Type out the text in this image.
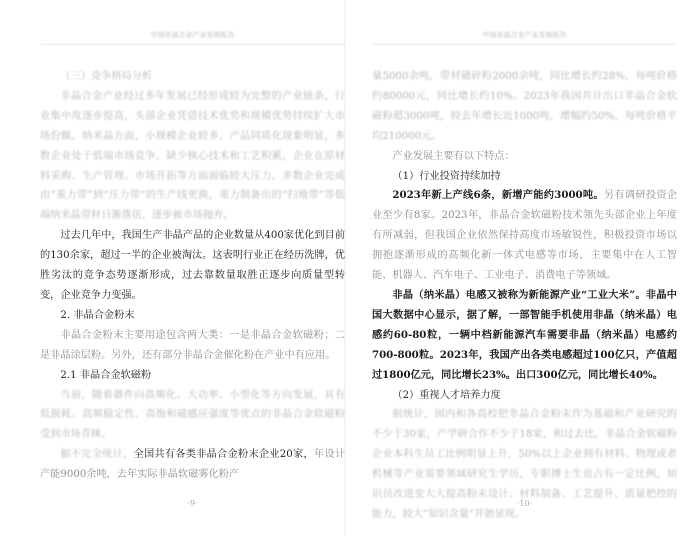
中国非晶合金产业发展报告

（三）竞争格局分析

非晶合金产业经过多年发展已经形成较为完整的产业链条，行业集中度逐步提高，头部企业凭借技术优势和规模优势持续扩大市场份额。纳米晶方面，小规模企业较多，产品同质化现象明显，多数企业处于低端市场竞争，缺少核心技术和工艺积累，企业在原材料采购、生产管理、市场开拓等方面面临较大压力。多数企业完成由“重力带”到“压力带”的生产线更换，重力制备出的“扫地带”等低端纳米晶带材日渐落伍，逐步被市场抛弃。

过去几年中，我国生产非晶产品的企业数量从400家优化到目前的130余家，超过一半的企业被淘汰。这表明行业正在经历洗牌，优胜劣汰的竞争态势逐渐形成，过去靠数量取胜正逐步向质量型转变，企业竞争力变强。

2. 非晶合金粉末

非晶合金粉末主要用途包含两大类：一是非晶合金软磁粉；二是非晶涂层粉。另外，还有部分非晶合金催化粉在产业中有应用。

2.1 非晶合金软磁粉

当前，随着器件向高频化、大功率、小型化等方向发展，具有低损耗、高频稳定性、高饱和磁感应强度等优点的非晶合金软磁粉受到市场青睐。

据不完全统计，全国共有各类非晶合金粉末企业20家，年设计产能9000余吨，去年实际非晶软磁雾化粉产

·9·
中国非晶合金产业发展报告

量5000余吨，带材破碎粉2000余吨，同比增长约28%，每吨价格约80000元，同比增长约10%。2023年我国共计出口非晶合金软磁粉超3000吨，较去年增长近1000吨，增幅约50%，每吨价格平均210000元。

产业发展主要有以下特点：

（1）行业投资持续加持

2023年新上产线6条，新增产能约3000吨。另有调研投资企业至少有8家。2023年，非晶合金软磁粉技术领先头部企业上年度有所减弱，但我国企业依然保持高度市场敏锐性，积极投资市场以拥抱逐渐形成的高频化新一体式电感等市场，主要集中在人工智能、机器人、汽车电子、工业电子、消费电子等领域。

非晶（纳米晶）电感又被称为新能源产业“工业大米”。非晶中国大数据中心显示，据了解，一部智能手机使用非晶（纳米晶）电感约60-80粒，一辆中档新能源汽车需要非晶（纳米晶）电感约700-800粒。2023年，我国产出各类电感超过100亿只，产值超过1800亿元，同比增长23%。出口300亿元，同比增长40%。

（2）重视人才培养力度

据统计，国内和各高校把非晶合金粉末作为基础和产业研究的不少于30家，产学研合作不少于18家，和过去比，非晶合金软磁粉企业本科生员工比例明显上升，50%以上企业拥有材料、物理或者机械等产业需要领域研究生学历，专职博士生也占有一定比例，知识员改进变大大提高粉末设计、材料制备、工艺提升、质量把控的能力，较大“知识含量”开始显现。

·10·
